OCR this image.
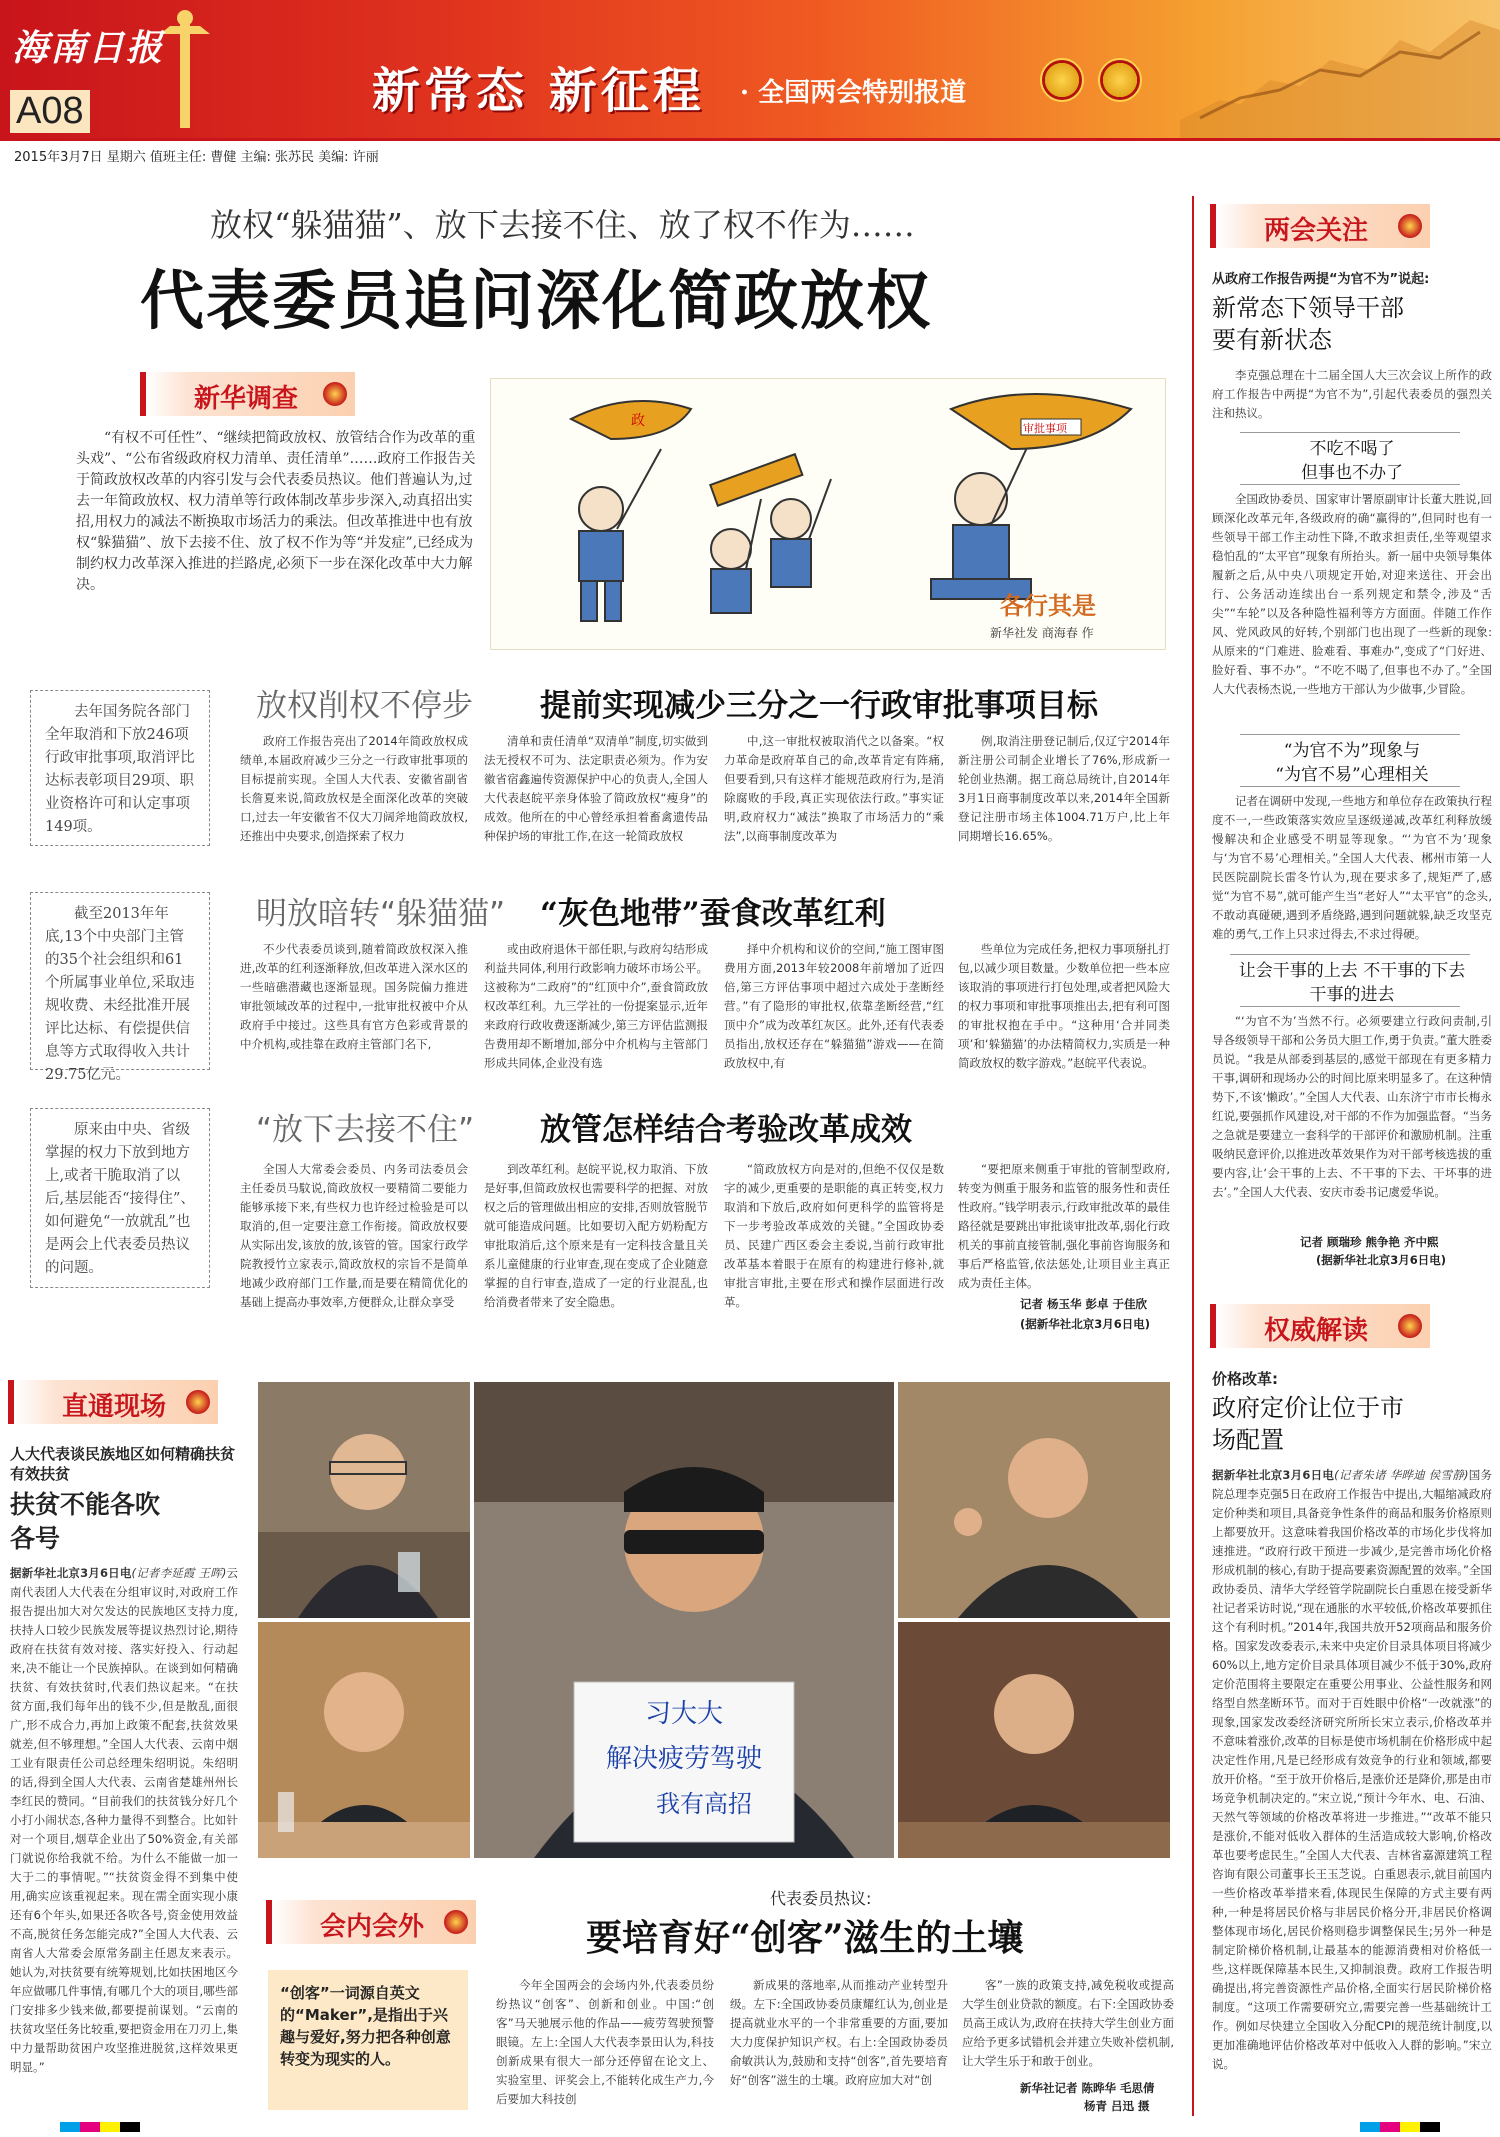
海南日报
A08	新常态 新征程 · 全国两会特别报道
2015年3月7日 星期六 值班主任: 曹健 主编: 张苏民 美编: 许丽
放权“躲猫猫”、放下去接不住、放了权不作为……
代表委员追问深化简政放权
新华调查
“有权不可任性”、“继续把简政放权、放管结合作为改革的重头戏”、“公布省级政府权力清单、责任清单”……政府工作报告关于简政放权改革的内容引发与会代表委员热议。他们普遍认为,过去一年简政放权、权力清单等行政体制改革步步深入,动真招出实招,用权力的减法不断换取市场活力的乘法。但改革推进中也有放权“躲猫猫”、放下去接不住、放了权不作为等“并发症”,已经成为制约权力改革深入推进的拦路虎,必须下一步在深化改革中大力解决。
政	审批事项
各行其是
新华社发 商海春 作
去年国务院各部门全年取消和下放246项行政审批事项,取消评比达标表彰项目29项、职业资格许可和认定事项149项。
放权削权不停步 提前实现减少三分之一行政审批事项目标
政府工作报告亮出了2014年简政放权成绩单,本届政府减少三分之一行政审批事项的目标提前实现。全国人大代表、安徽省副省长詹夏来说,简政放权是全面深化改革的突破口,过去一年安徽省不仅大刀阔斧地简政放权,还推出中央要求,创造探索了权力
清单和责任清单“双清单”制度,切实做到法无授权不可为、法定职责必须为。作为安徽省宿鑫遍传资源保护中心的负责人,全国人大代表赵皖平亲身体验了简政放权“瘦身”的成效。他所在的中心曾经承担着畜禽遗传品种保护场的审批工作,在这一轮简政放权
中,这一审批权被取消代之以备案。“权力革命是政府革自己的命,改革肯定有阵痛,但要看到,只有这样才能规范政府行为,是消除腐败的手段,真正实现依法行政。”事实证明,政府权力“减法”换取了市场活力的“乘法”,以商事制度改革为
例,取消注册登记制后,仅辽宁2014年新注册公司制企业增长了76%,形成新一轮创业热潮。据工商总局统计,自2014年3月1日商事制度改革以来,2014年全国新登记注册市场主体1004.71万户,比上年同期增长16.65%。
截至2013年年底,13个中央部门主管的35个社会组织和61个所属事业单位,采取违规收费、未经批准开展评比达标、有偿提供信息等方式取得收入共计29.75亿元。
明放暗转“躲猫猫” “灰色地带”蚕食改革红利
不少代表委员谈到,随着简政放权深入推进,改革的红利逐渐释放,但改革进入深水区的一些暗礁潜藏也逐渐显现。国务院偏力推进审批领域改革的过程中,一批审批权被中介从政府手中接过。这些具有官方色彩或背景的中介机构,或挂靠在政府主管部门名下,
或由政府退休干部任职,与政府勾结形成利益共同体,利用行政影响力破坏市场公平。这被称为“二政府”的“红顶中介”,蚕食简政放权改革红利。九三学社的一份提案显示,近年来政府行政收费逐渐减少,第三方评估监测报告费用却不断增加,部分中介机构与主管部门形成共同体,企业没有选
择中介机构和议价的空间,“施工图审图费用方面,2013年较2008年前增加了近四倍,第三方评估事项中超过六成处于垄断经营。”有了隐形的审批权,依靠垄断经营,“红顶中介”成为改革红灰区。此外,还有代表委员指出,放权还存在“躲猫猫”游戏——在简政放权中,有
些单位为完成任务,把权力事项掰扎打包,以减少项目数量。少数单位把一些本应该取消的事项进行打包处理,或者把风险大的权力事项和审批事项推出去,把有利可图的审批权抱在手中。“这种用‘合并同类项’和‘躲猫猫’的办法精简权力,实质是一种简政放权的数字游戏。”赵皖平代表说。
原来由中央、省级掌握的权力下放到地方上,或者干脆取消了以后,基层能否“接得住”、如何避免“一放就乱”也是两会上代表委员热议的问题。
“放下去接不住” 放管怎样结合考验改革成效
全国人大常委会委员、内务司法委员会主任委员马馼说,简政放权一要精简二要能力能够承接下来,有些权力也许经过检验是可以取消的,但一定要注意工作衔接。简政放权要从实际出发,该放的放,该管的管。国家行政学院教授竹立家表示,简政放权的宗旨不是简单地减少政府部门工作量,而是要在精简优化的基础上提高办事效率,方便群众,让群众享受
到改革红利。赵皖平说,权力取消、下放是好事,但简政放权也需要科学的把握、对放权之后的管理做出相应的安排,否则放管脱节就可能造成问题。比如要切入配方奶粉配方审批取消后,这个原来是有一定科技含量且关系儿童健康的行业审查,现在变成了企业随意掌握的自行审查,造成了一定的行业混乱,也给消费者带来了安全隐患。
“简政放权方向是对的,但绝不仅仅是数字的减少,更重要的是职能的真正转变,权力取消和下放后,政府如何更科学的监管将是下一步考验改革成效的关键。”全国政协委员、民建广西区委会主委说,当前行政审批改革基本着眼于在原有的构建进行修补,就审批言审批,主要在形式和操作层面进行改革。
“要把原来侧重于审批的管制型政府,转变为侧重于服务和监管的服务性和责任性政府。”钱学明表示,行政审批改革的最佳路径就是要跳出审批谈审批改革,弱化行政机关的事前直接管制,强化事前咨询服务和事后严格监管,依法惩处,让项目业主真正成为责任主体。
记者 杨玉华 彭卓 于佳欣
(据新华社北京3月6日电)
直通现场
人大代表谈民族地区如何精确扶贫有效扶贫
扶贫不能各吹各号
据新华社北京3月6日电(记者李延霞 王晖)云南代表团人大代表在分组审议时,对政府工作报告提出加大对欠发达的民族地区支持力度,扶持人口较少民族发展等提议热烈讨论,期待政府在扶贫有效对接、落实好投入、行动起来,决不能让一个民族掉队。在谈到如何精确扶贫、有效扶贫时,代表们热议起来。“在扶贫方面,我们每年出的钱不少,但是散乱,面很广,形不成合力,再加上政策不配套,扶贫效果就差,但不够理想。”全国人大代表、云南中烟工业有限责任公司总经理朱绍明说。朱绍明的话,得到全国人大代表、云南省楚雄州州长李红民的赞同。“目前我们的扶贫钱分好几个小打小闹状态,各种力量得不到整合。比如针对一个项目,烟草企业出了50%资金,有关部门就说你给我就不给。为什么不能做一加一大于二的事情呢。”“扶贫资金得不到集中使用,确实应该重视起来。现在需全面实现小康还有6个年头,如果还各吹各号,资金使用效益不高,脱贫任务怎能完成?”全国人大代表、云南省人大常委会原常务副主任恩友来表示。她认为,对扶贫要有统筹规划,比如扶困地区今年应做哪几件事情,有哪几个大的项目,哪些部门安排多少钱来做,都要提前谋划。“云南的扶贫攻坚任务比较重,要把资金用在刀刃上,集中力量帮助贫困户攻坚推进脱贫,这样效果更明显。”
习大大
解决疲劳驾驶
我有高招
会内会外
“创客”一词源自英文的“Maker”,是指出于兴趣与爱好,努力把各种创意转变为现实的人。
代表委员热议:
要培育好“创客”滋生的土壤
今年全国两会的会场内外,代表委员纷纷热议“创客”、创新和创业。中国:“创客”马天驰展示他的作品——疲劳驾驶预警眼镜。左上:全国人大代表李景田认为,科技创新成果有很大一部分还停留在论文上、实验室里、评奖会上,不能转化成生产力,今后要加大科技创
新成果的落地率,从而推动产业转型升级。左下:全国政协委员康耀红认为,创业是提高就业水平的一个非常重要的方面,要加大力度保护知识产权。右上:全国政协委员俞敏洪认为,鼓励和支持“创客”,首先要培育好“创客”滋生的土壤。政府应加大对“创
客”一族的政策支持,减免税收或提高大学生创业贷款的额度。右下:全国政协委员高王成认为,政府在扶持大学生创业方面应给予更多试错机会并建立失败补偿机制,让大学生乐于和敢于创业。
新华社记者 陈晔华 毛思倩
杨青 吕迅 摄
两会关注
从政府工作报告两提“为官不为”说起:
新常态下领导干部要有新状态
李克强总理在十二届全国人大三次会议上所作的政府工作报告中两提“为官不为”,引起代表委员的强烈关注和热议。
不吃不喝了
但事也不办了
全国政协委员、国家审计署原副审计长董大胜说,回顾深化改革元年,各级政府的确“赢得的”,但同时也有一些领导干部工作主动性下降,不敢求担责任,坐等观望求稳怕乱的“太平官”现象有所抬头。新一届中央领导集体履新之后,从中央八项规定开始,对迎来送往、开会出行、公务活动连续出台一系列规定和禁令,涉及“舌尖”“车轮”以及各种隐性福利等方方面面。伴随工作作风、党风政风的好转,个别部门也出现了一些新的现象:从原来的“门难进、脸难看、事难办”,变成了“门好进、脸好看、事不办”。“不吃不喝了,但事也不办了。”全国人大代表杨杰说,一些地方干部认为少做事,少冒险。
“为官不为”现象与
“为官不易”心理相关
记者在调研中发现,一些地方和单位存在政策执行程度不一,一些政策落实效应呈逐级递减,改革红利释放缓慢解决和企业感受不明显等现象。“‘为官不为’现象与‘为官不易’心理相关。”全国人大代表、郴州市第一人民医院副院长雷冬竹认为,现在要求多了,规矩严了,感觉“为官不易”,就可能产生当“老好人”“太平官”的念头,不敢动真碰硬,遇到矛盾绕路,遇到问题就躲,缺乏攻坚克难的勇气,工作上只求过得去,不求过得硬。
让会干事的上去 不干事的下去
干事的进去
“‘为官不为’当然不行。必须要建立行政问责制,引导各级领导干部和公务员大胆工作,勇于负责。”董大胜委员说。“我是从部委到基层的,感觉干部现在有更多精力干事,调研和现场办公的时间比原来明显多了。在这种情势下,不该‘懒政’。”全国人大代表、山东济宁市市长梅永红说,要强抓作风建设,对干部的不作为加强监督。“当务之急就是要建立一套科学的干部评价和激励机制。注重吸纳民意评价,以推进改革效果作为对干部考核选拔的重要内容,让‘会干事的上去、不干事的下去、干坏事的进去’。”全国人大代表、安庆市委书记虞爱华说。
记者 顾瑞珍 熊争艳 齐中熙
(据新华社北京3月6日电)
权威解读
价格改革:
政府定价让位于市场配置
据新华社北京3月6日电(记者朱诸 华晔迪 侯雪静)国务院总理李克强5日在政府工作报告中提出,大幅缩减政府定价种类和项目,具备竞争性条件的商品和服务价格原则上都要放开。这意味着我国价格改革的市场化步伐将加速推进。“政府行政干预进一步减少,是完善市场化价格形成机制的核心,有助于提高要素资源配置的效率。”全国政协委员、清华大学经管学院副院长白重恩在接受新华社记者采访时说,“现在通胀的水平较低,价格改革要抓住这个有利时机。”2014年,我国共放开52项商品和服务价格。国家发改委表示,未来中央定价目录具体项目将减少60%以上,地方定价目录具体项目减少不低于30%,政府定价范围将主要限定在重要公用事业、公益性服务和网络型自然垄断环节。而对于百姓眼中价格“一改就涨”的现象,国家发改委经济研究所所长宋立表示,价格改革并不意味着涨价,改革的目标是使市场机制在价格形成中起决定性作用,凡是已经形成有效竞争的行业和领域,都要放开价格。“至于放开价格后,是涨价还是降价,那是由市场竞争机制决定的。”宋立说,“预计今年水、电、石油、天然气等领域的价格改革将进一步推进。”“改革不能只是涨价,不能对低收入群体的生活造成较大影响,价格改革也要考虑民生。”全国人大代表、吉林省嘉源建筑工程咨询有限公司董事长王玉芝说。白重恩表示,就目前国内一些价格改革举措来看,体现民生保障的方式主要有两种,一种是将居民价格与非居民价格分开,非居民价格调整体现市场化,居民价格则稳步调整保民生;另外一种是制定阶梯价格机制,让最基本的能源消费相对价格低一些,这样既保障基本民生,又抑制浪费。政府工作报告明确提出,将完善资源性产品价格,全面实行居民阶梯价格制度。“这项工作需要研究立,需要完善一些基础统计工作。例如尽快建立全国收入分配CPI的规范统计制度,以更加准确地评估价格改革对中低收入人群的影响。”宋立说。
